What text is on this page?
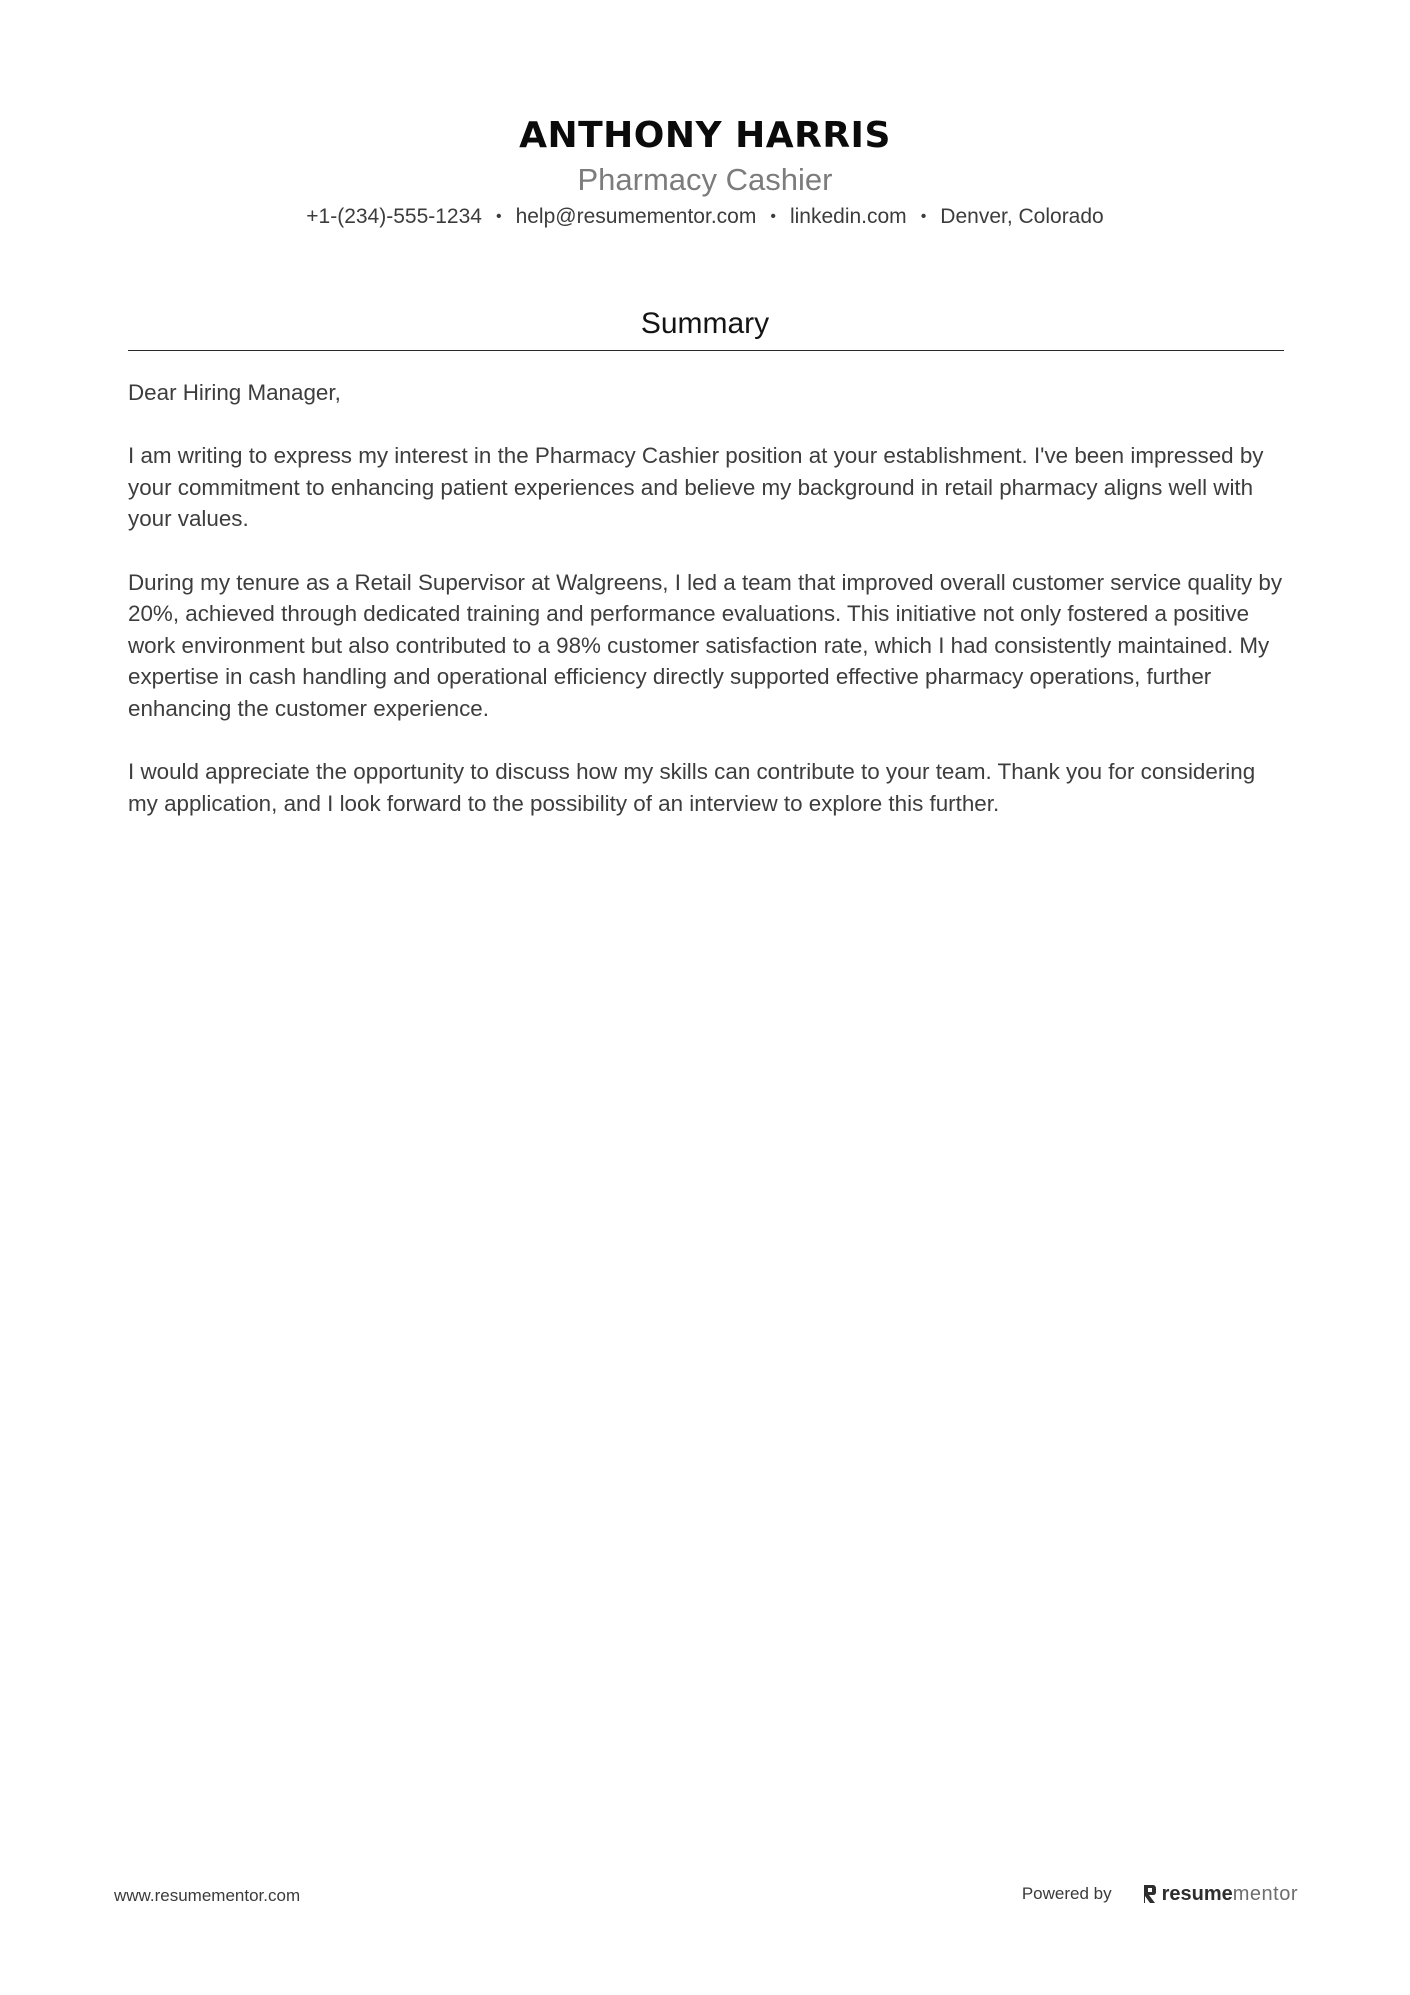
ANTHONY HARRIS
Pharmacy Cashier
+1-(234)-555-1234 • help@resumementor.com • linkedin.com • Denver, Colorado
Summary

Dear Hiring Manager,

I am writing to express my interest in the Pharmacy Cashier position at your establishment. I've been impressed by your commitment to enhancing patient experiences and believe my background in retail pharmacy aligns well with your values.

During my tenure as a Retail Supervisor at Walgreens, I led a team that improved overall customer service quality by 20%, achieved through dedicated training and performance evaluations. This initiative not only fostered a positive work environment but also contributed to a 98% customer satisfaction rate, which I had consistently maintained. My expertise in cash handling and operational efficiency directly supported effective pharmacy operations, further enhancing the customer experience.

I would appreciate the opportunity to discuss how my skills can contribute to your team. Thank you for considering my application, and I look forward to the possibility of an interview to explore this further.

www.resumementor.com	Powered by	resume mentor
